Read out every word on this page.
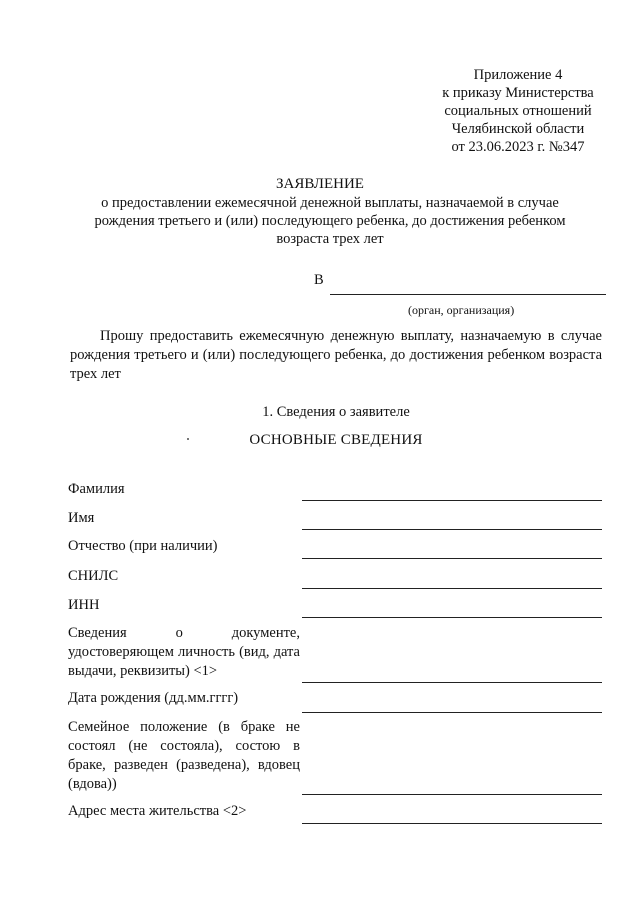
Приложение 4
к приказу Министерства
социальных отношений
Челябинской области
от 23.06.2023 г. №347
ЗАЯВЛЕНИЕ
о предоставлении ежемесячной денежной выплаты, назначаемой в случае рождения третьего и (или) последующего ребенка, до достижения ребенком возраста трех лет
В
(орган, организация)
Прошу предоставить ежемесячную денежную выплату, назначаемую в случае рождения третьего и (или) последующего ребенка, до достижения ребенком возраста трех лет
1. Сведения о заявителе
ОСНОВНЫЕ СВЕДЕНИЯ
Фамилия
Имя
Отчество (при наличии)
СНИЛС
ИНН
Сведения о документе, удостоверяющем личность (вид, дата выдачи, реквизиты) <1>
Дата рождения (дд.мм.гггг)
Семейное положение (в браке не состоял (не состояла), состою в браке, разведен (разведена), вдовец (вдова))
Адрес места жительства <2>
